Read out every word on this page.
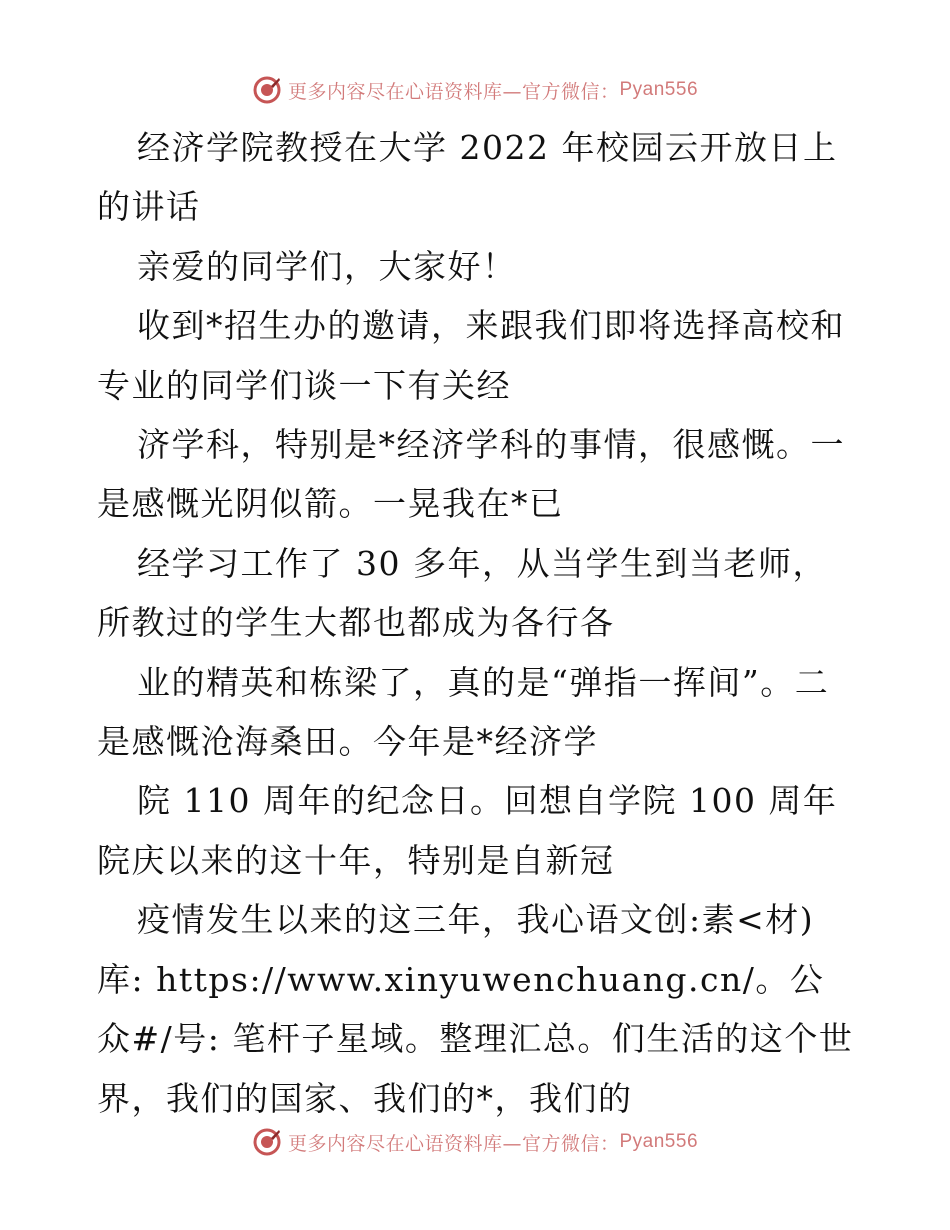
更多内容尽在心语资料库—官方微信： Pyan556

经济学院教授在大学 2022 年校园云开放日上的讲话

亲爱的同学们，大家好！

收到*招生办的邀请，来跟我们即将选择高校和专业的同学们谈一下有关经

济学科，特别是*经济学科的事情，很感慨。一是感慨光阴似箭。一晃我在*已

经学习工作了 30 多年，从当学生到当老师，所教过的学生大都也都成为各行各

业的精英和栋梁了，真的是“弹指一挥间”。二是感慨沧海桑田。今年是*经济学

院 110 周年的纪念日。回想自学院 100 周年院庆以来的这十年，特别是自新冠

疫情发生以来的这三年，我心语文创:素<材)库: https://www.xinyuwenchuang.cn/。公众#/号: 笔杆子星域。整理汇总。们生活的这个世界，我们的国家、我们的*，我们的

更多内容尽在心语资料库—官方微信： Pyan556
